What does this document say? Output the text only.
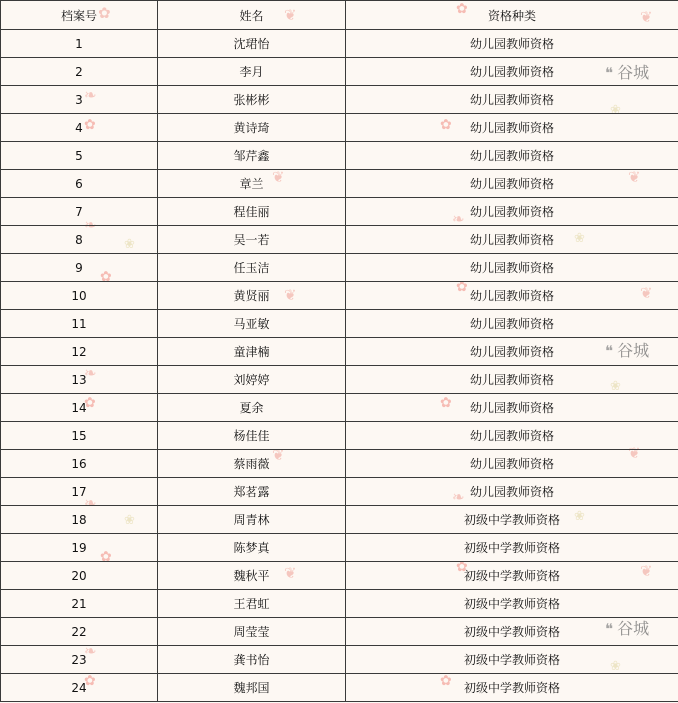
✿	❦	✿	❦
❧
✿	✿
❀
❦	❦
❧
❀
❧
❀
✿
❦	✿	❦
❧
✿	✿
❀
❦	❦
❧
❀
❧
❀
✿
❦	✿	❦
❧
✿	✿
❀
档案号	姓名	资格种类
1	沈珺怡	幼儿园教师资格
2	李月	幼儿园教师资格
3	张彬彬	幼儿园教师资格
4	黄诗琦	幼儿园教师资格
5	邹芹鑫	幼儿园教师资格
6	章兰	幼儿园教师资格
7	程佳丽	幼儿园教师资格
8	吴一若	幼儿园教师资格
9	任玉洁	幼儿园教师资格
10	黄贤丽	幼儿园教师资格
11	马亚敏	幼儿园教师资格
12	童津楠	幼儿园教师资格
13	刘婷婷	幼儿园教师资格
14	夏余	幼儿园教师资格
15	杨佳佳	幼儿园教师资格
16	蔡雨薇	幼儿园教师资格
17	郑茗露	幼儿园教师资格
18	周青林	初级中学教师资格
19	陈梦真	初级中学教师资格
20	魏秋平	初级中学教师资格
21	王君虹	初级中学教师资格
22	周莹莹	初级中学教师资格
23	龚书怡	初级中学教师资格
24	魏邦国	初级中学教师资格
❝ 谷城
❝ 谷城
❝ 谷城
